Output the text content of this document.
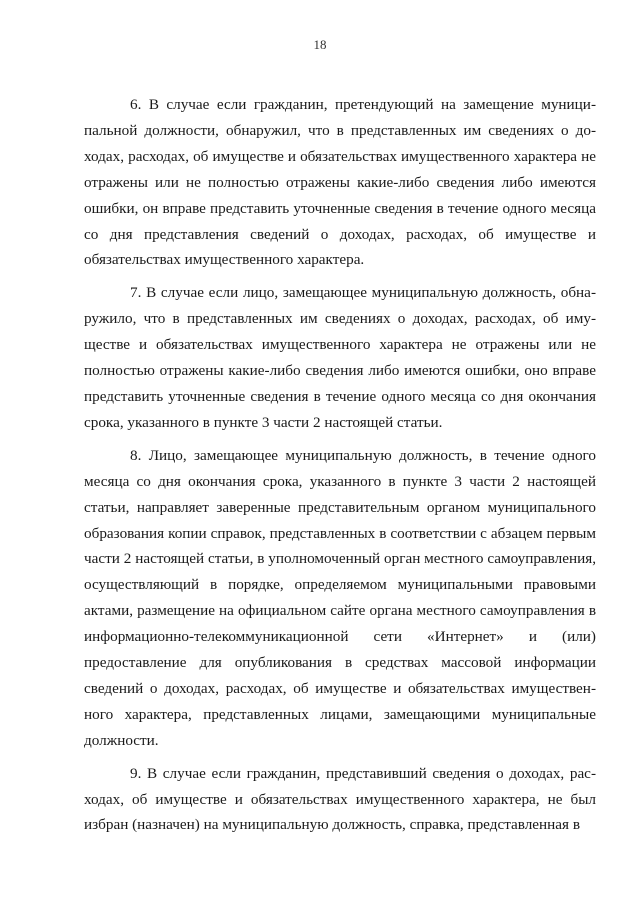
18

6. В случае если гражданин, претендующий на замещение муниципальной должности, обнаружил, что в представленных им сведениях о доходах, расходах, об имуществе и обязательствах имущественного характера не отражены или не полностью отражены какие-либо сведения либо имеются ошибки, он вправе представить уточненные сведения в течение одного месяца со дня представления сведений о доходах, расходах, об имуществе и обязательствах имущественного характера.

7. В случае если лицо, замещающее муниципальную должность, обнаружило, что в представленных им сведениях о доходах, расходах, об имуществе и обязательствах имущественного характера не отражены или не полностью отражены какие-либо сведения либо имеются ошибки, оно вправе представить уточненные сведения в течение одного месяца со дня окончания срока, указанного в пункте 3 части 2 настоящей статьи.

8. Лицо, замещающее муниципальную должность, в течение одного месяца со дня окончания срока, указанного в пункте 3 части 2 настоящей статьи, направляет заверенные представительным органом муниципального образования копии справок, представленных в соответствии с абзацем первым части 2 настоящей статьи, в уполномоченный орган местного самоуправления, осуществляющий в порядке, определяемом муниципальными правовыми актами, размещение на официальном сайте органа местного самоуправления в информационно-телекоммуникационной сети «Интернет» и (или) предоставление для опубликования в средствах массовой информации сведений о доходах, расходах, об имуществе и обязательствах имущественного характера, представленных лицами, замещающими муниципальные должности.

9. В случае если гражданин, представивший сведения о доходах, расходах, об имуществе и обязательствах имущественного характера, не был избран (назначен) на муниципальную должность, справка, представленная в
